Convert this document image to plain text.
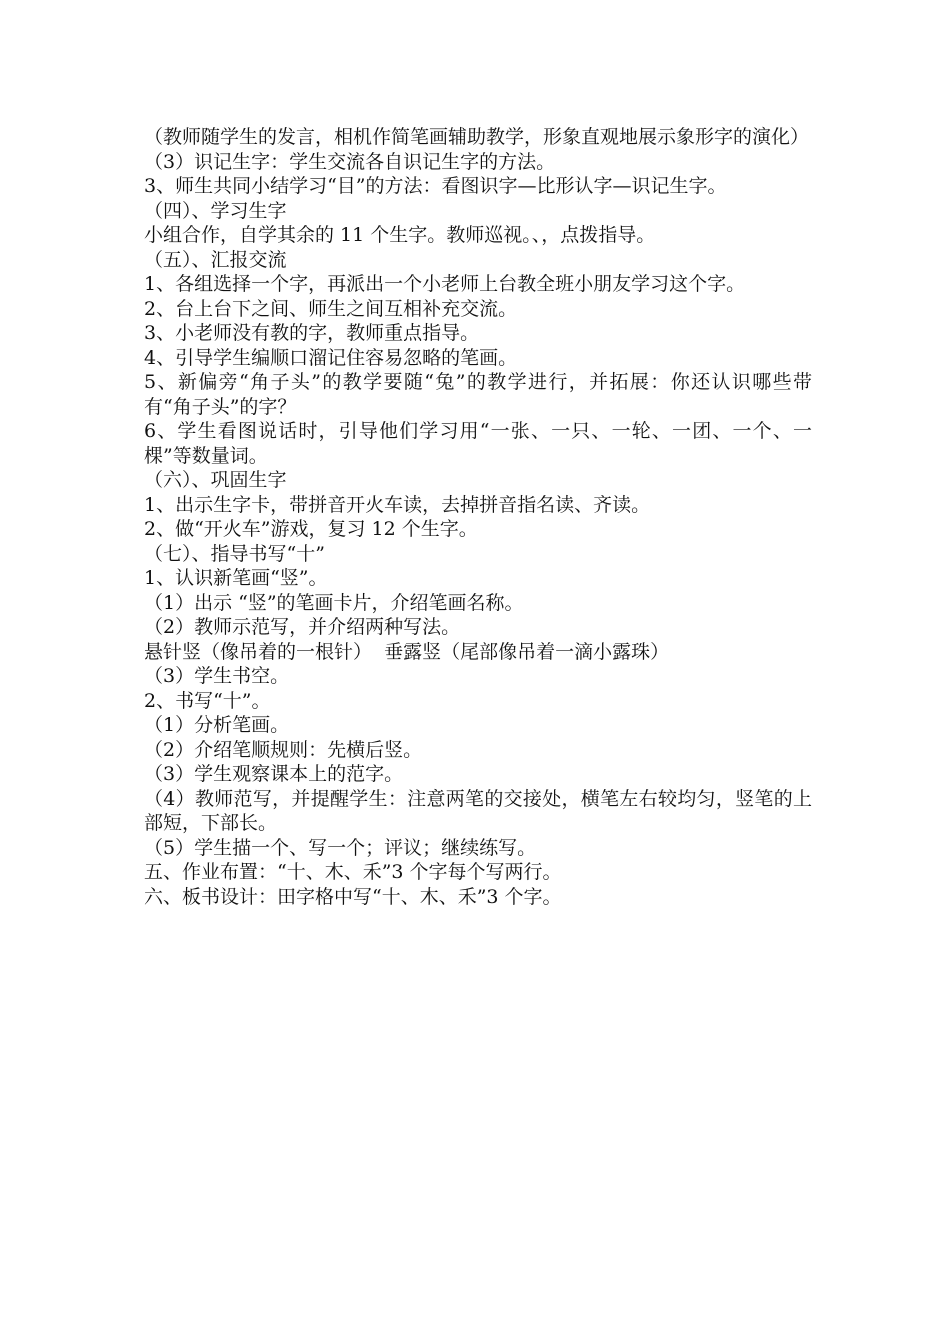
（教师随学生的发言，相机作简笔画辅助教学，形象直观地展示象形字的演化）
（3）识记生字：学生交流各自识记生字的方法。
3、师生共同小结学习“目”的方法：看图识字—比形认字—识记生字。
（四）、学习生字
小组合作，自学其余的 11 个生字。教师巡视。、，点拨指导。
（五）、汇报交流
1、各组选择一个字，再派出一个小老师上台教全班小朋友学习这个字。
2、台上台下之间、师生之间互相补充交流。
3、小老师没有教的字，教师重点指导。
4、引导学生编顺口溜记住容易忽略的笔画。
5、新偏旁“角子头”的教学要随“兔”的教学进行，并拓展：你还认识哪些带有“角子头”的字？
6、学生看图说话时，引导他们学习用“一张、一只、一轮、一团、一个、一棵”等数量词。
（六）、巩固生字
1、出示生字卡，带拼音开火车读，去掉拼音指名读、齐读。
2、做“开火车”游戏，复习 12 个生字。
（七）、指导书写“十”
1、认识新笔画“竖”。
（1）出示 “竖”的笔画卡片，介绍笔画名称。
（2）教师示范写，并介绍两种写法。
悬针竖（像吊着的一根针）  垂露竖（尾部像吊着一滴小露珠）
（3）学生书空。
2、书写“十”。
（1）分析笔画。
（2）介绍笔顺规则：先横后竖。
（3）学生观察课本上的范字。
（4）教师范写，并提醒学生：注意两笔的交接处，横笔左右较均匀，竖笔的上部短，下部长。
（5）学生描一个、写一个；评议；继续练写。
五、作业布置：“十、木、禾”3 个字每个写两行。
六、板书设计：田字格中写“十、木、禾”3 个字。
